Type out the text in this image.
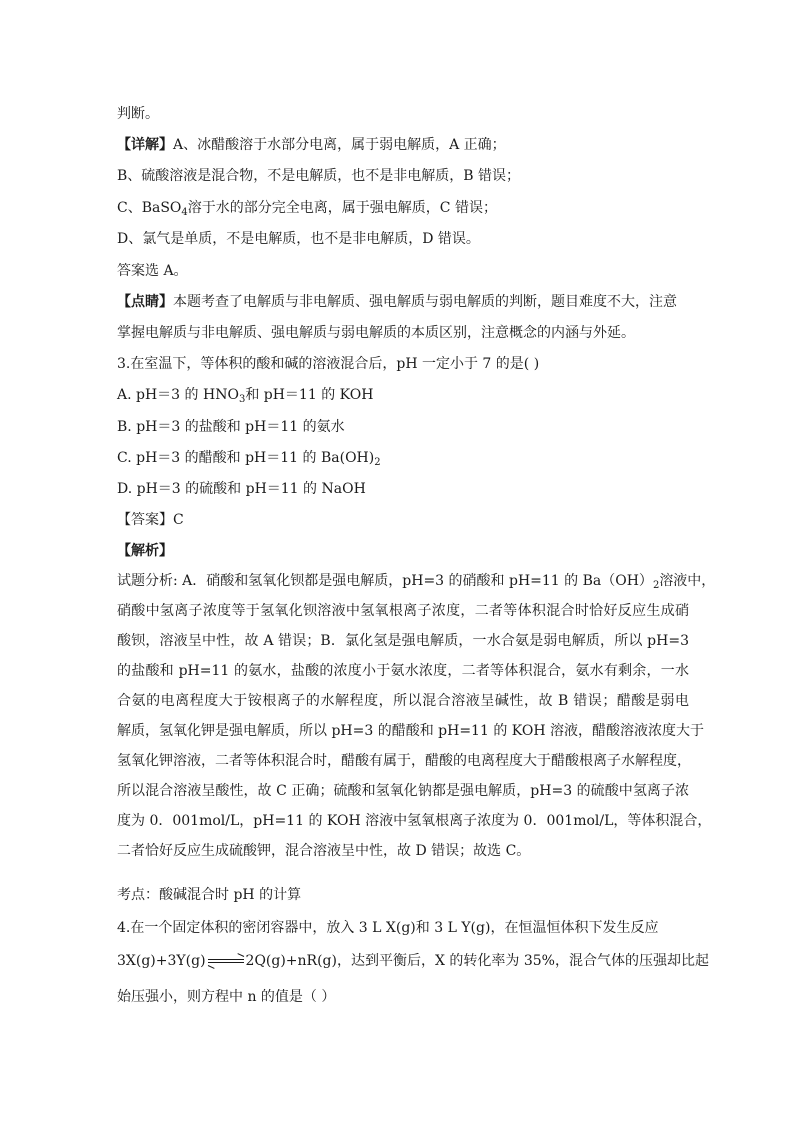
判断。
【详解】A、冰醋酸溶于水部分电离，属于弱电解质，A 正确；
B、硫酸溶液是混合物，不是电解质，也不是非电解质，B 错误；
C、BaSO$_4$溶于水的部分完全电离，属于强电解质，C 错误；
D、氯气是单质，不是电解质，也不是非电解质，D 错误。
答案选 A。
【点睛】本题考查了电解质与非电解质、强电解质与弱电解质的判断，题目难度不大，注意
掌握电解质与非电解质、强电解质与弱电解质的本质区别，注意概念的内涵与外延。
3.在室温下，等体积的酸和碱的溶液混合后，pH 一定小于 7 的是( )
A. pH＝3 的 $HNO_3$和 pH＝11 的 KOH
B. pH＝3 的盐酸和 pH＝11 的氨水
C. pH＝3 的醋酸和 pH＝11 的 $Ba(OH)_2$
D. pH＝3 的硫酸和 pH＝11 的 NaOH
【答案】C
【解析】
试题分析: A．硝酸和氢氧化钡都是强电解质，pH=3 的硝酸和 pH=11 的 $Ba(OH)_2$溶液中，
硝酸中氢离子浓度等于氢氧化钡溶液中氢氧根离子浓度，二者等体积混合时恰好反应生成硝
酸钡，溶液呈中性，故 A 错误；B．氯化氢是强电解质，一水合氨是弱电解质，所以 pH=3
的盐酸和 pH=11 的氨水，盐酸的浓度小于氨水浓度，二者等体积混合，氨水有剩余，一水
合氨的电离程度大于铵根离子的水解程度，所以混合溶液呈碱性，故 B 错误；醋酸是弱电
解质，氢氧化钾是强电解质，所以 pH=3 的醋酸和 pH=11 的 KOH 溶液，醋酸溶液浓度大于
氢氧化钾溶液，二者等体积混合时，醋酸有属于，醋酸的电离程度大于醋酸根离子水解程度，
所以混合溶液呈酸性，故 C 正确；硫酸和氢氧化钠都是强电解质，pH=3 的硫酸中氢离子浓
度为 0．001mol/L，pH=11 的 KOH 溶液中氢氧根离子浓度为 0．001mol/L，等体积混合，
二者恰好反应生成硫酸钾，混合溶液呈中性，故 D 错误；故选 C。
考点：酸碱混合时 pH 的计算
4.在一个固定体积的密闭容器中，放入 3 L X(g)和 3 L Y(g)，在恒温恒体积下发生反应
3X(g)+3Y(g)	2Q(g)+nR(g)，达到平衡后，X 的转化率为 35%，混合气体的压强却比起
始压强小，则方程中 n 的值是（ ）
